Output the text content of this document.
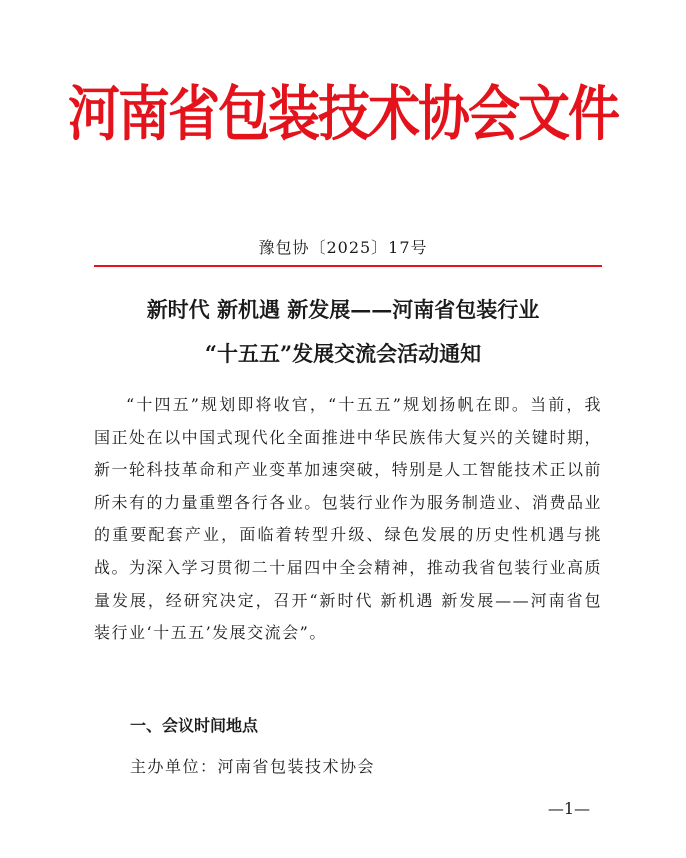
河南省包装技术协会文件
豫包协〔2025〕17号
新时代 新机遇 新发展——河南省包装行业
“十五五”发展交流会活动通知
“十四五”规划即将收官，“十五五”规划扬帆在即。当前，我国正处在以中国式现代化全面推进中华民族伟大复兴的关键时期，新一轮科技革命和产业变革加速突破，特别是人工智能技术正以前所未有的力量重塑各行各业。包装行业作为服务制造业、消费品业的重要配套产业，面临着转型升级、绿色发展的历史性机遇与挑战。为深入学习贯彻二十届四中全会精神，推动我省包装行业高质量发展，经研究决定，召开“新时代 新机遇 新发展——河南省包装行业‘十五五’发展交流会”。
一、会议时间地点
主办单位：河南省包装技术协会
—1—
